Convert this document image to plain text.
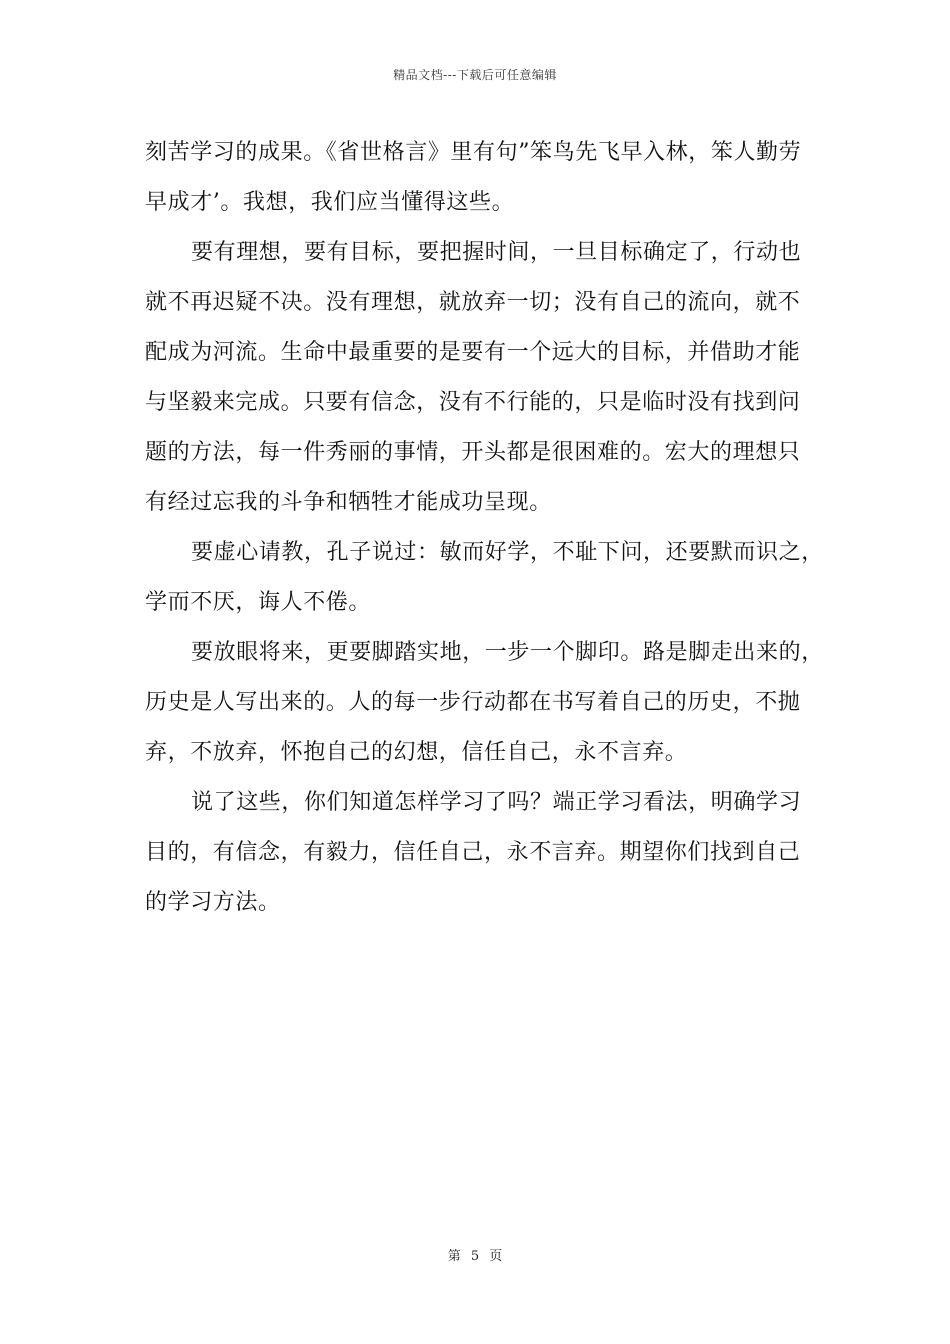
精品文档---下载后可任意编辑
刻苦学习的成果。《省世格言》里有句”笨鸟先飞早入林，笨人勤劳
早成才’。我想，我们应当懂得这些。
要有理想，要有目标，要把握时间，一旦目标确定了，行动也
就不再迟疑不决。没有理想，就放弃一切；没有自己的流向，就不
配成为河流。生命中最重要的是要有一个远大的目标，并借助才能
与坚毅来完成。只要有信念，没有不行能的，只是临时没有找到问
题的方法，每一件秀丽的事情，开头都是很困难的。宏大的理想只
有经过忘我的斗争和牺牲才能成功呈现。
要虚心请教，孔子说过：敏而好学，不耻下问，还要默而识之，
学而不厌，诲人不倦。
要放眼将来，更要脚踏实地，一步一个脚印。路是脚走出来的，
历史是人写出来的。人的每一步行动都在书写着自己的历史，不抛
弃，不放弃，怀抱自己的幻想，信任自己，永不言弃。
说了这些，你们知道怎样学习了吗？端正学习看法，明确学习
目的，有信念，有毅力，信任自己，永不言弃。期望你们找到自己
的学习方法。
第 5 页
